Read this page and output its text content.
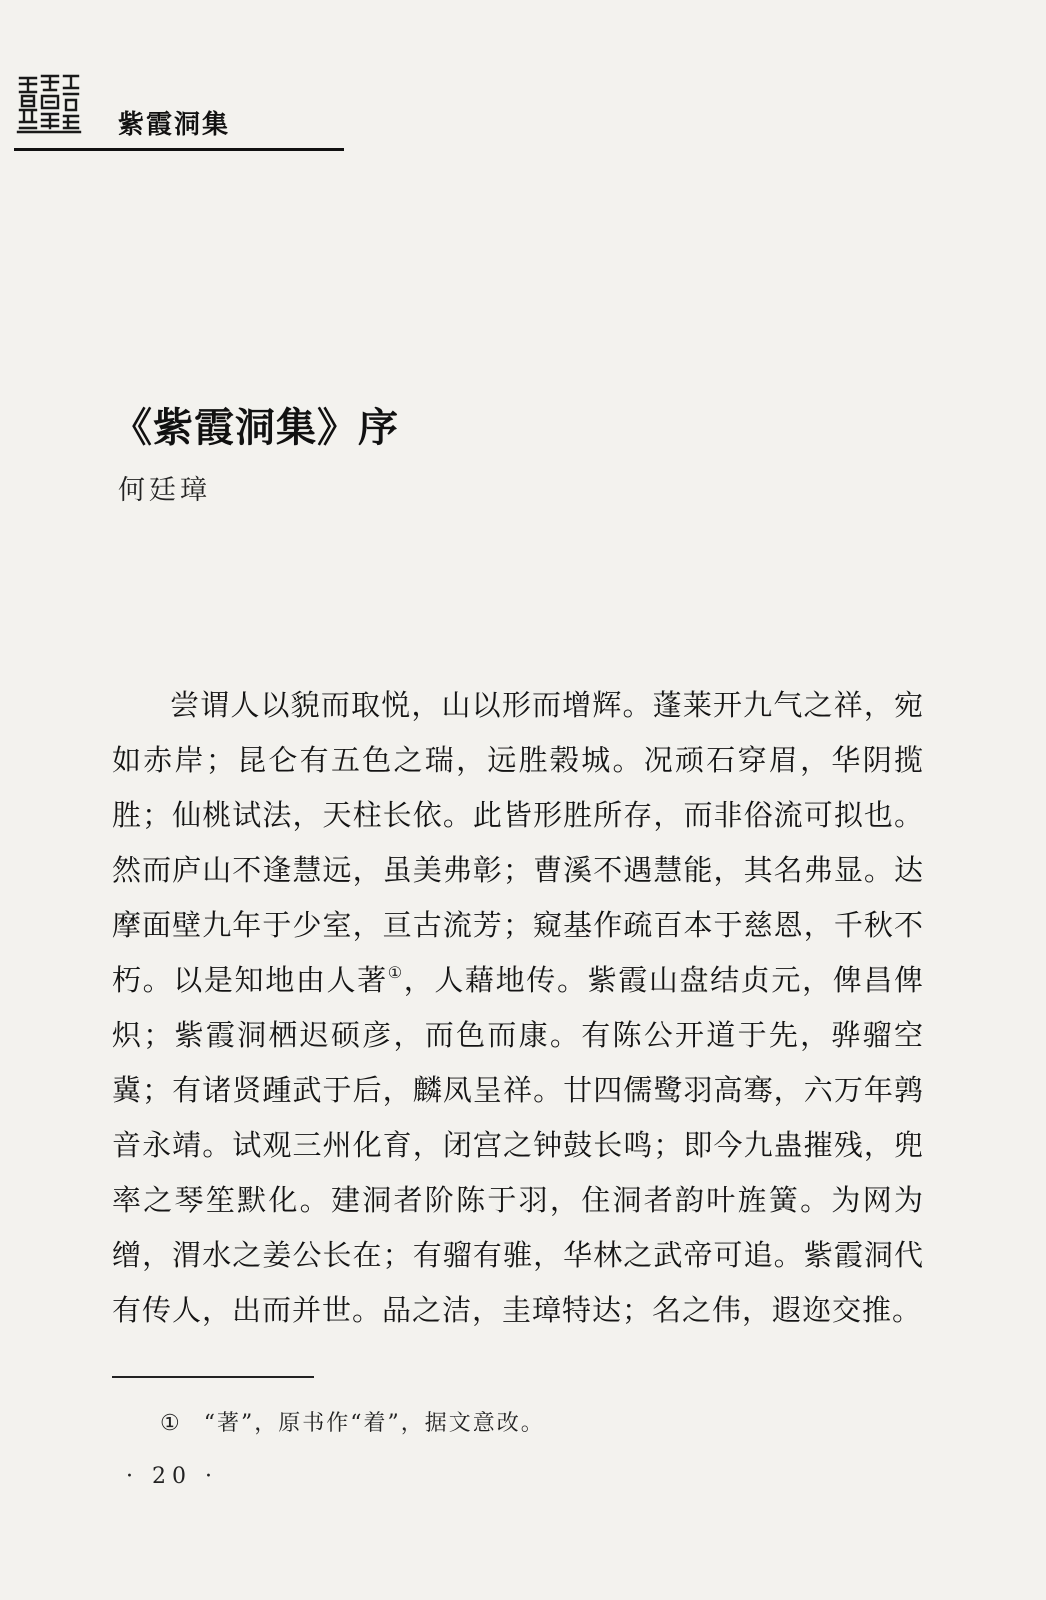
紫霞洞集
《紫霞洞集》序
何廷璋

尝谓人以貌而取悦，山以形而增辉。蓬莱开九气之祥，宛如赤岸；昆仑有五色之瑞，远胜榖城。况顽石穿眉，华阴揽胜；仙桃试法，天柱长依。此皆形胜所存，而非俗流可拟也。然而庐山不逢慧远，虽美弗彰；曹溪不遇慧能，其名弗显。达摩面壁九年于少室，亘古流芳；窥基作疏百本于慈恩，千秋不朽。以是知地由人著①，人藉地传。紫霞山盘结贞元，俾昌俾炽；紫霞洞栖迟硕彦，而色而康。有陈公开道于先，骅骝空冀；有诸贤踵武于后，麟凤呈祥。廿四儒鹭羽高骞，六万年鹑音永靖。试观三州化育，闭宫之钟鼓长鸣；即今九蛊摧残，兜率之琴笙默化。建洞者阶陈于羽，住洞者韵叶旌簧。为网为缯，渭水之姜公长在；有骝有骓，华林之武帝可追。紫霞洞代有传人，出而并世。品之洁，圭璋特达；名之伟，遐迩交推。

① “著”，原书作“着”，据文意改。
· 20 ·
